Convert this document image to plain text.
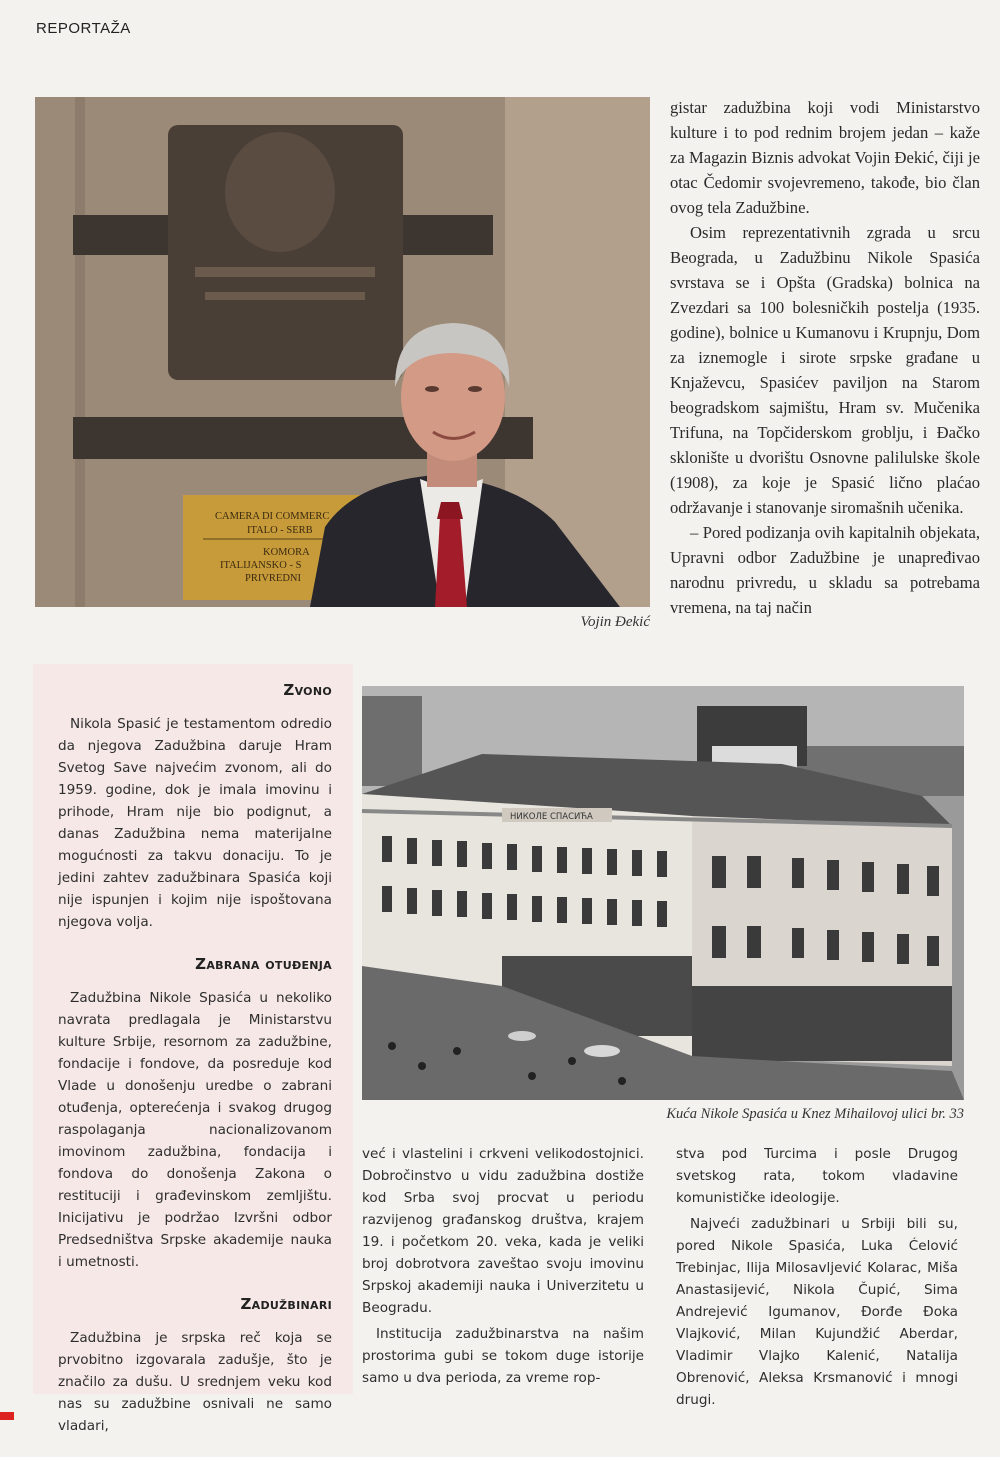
REPORTAŽA
CAMERA DI COMMERC
ITALO - SERB
KOMORA
ITALIJANSKO - S
PRIVREDNI
Vojin Đekić

gistar zadužbina koji vodi Ministarstvo kulture i to pod rednim brojem jedan – kaže za Magazin Biznis advokat Vojin Đekić, čiji je otac Čedomir svojevremeno, takođe, bio član ovog tela Zadužbine.

Osim reprezentativnih zgrada u srcu Beograda, u Zadužbinu Nikole Spasića svrstava se i Opšta (Gradska) bolnica na Zvezdari sa 100 bolesničkih postelja (1935. godine), bolnice u Kumanovu i Krupnju, Dom za iznemogle i sirote srpske građane u Knjaževcu, Spasićev paviljon na Starom beogradskom sajmištu, Hram sv. Mučenika Trifuna, na Topčiderskom groblju, i Đačko sklonište u dvorištu Osnovne palilulske škole (1908), za koje je Spasić lično plaćao održavanje i stanovanje siromašnih učenika.

– Pored podizanja ovih kapitalnih objekata, Upravni odbor Zadužbine je unapređivao narodnu privredu, u skladu sa potrebama vremena, na taj način

Zvono

Nikola Spasić je testamentom odredio da njegova Zadužbina daruje Hram Svetog Save najvećim zvonom, ali do 1959. godine, dok je imala imovinu i prihode, Hram nije bio podignut, a danas Zadužbina nema materijalne mogućnosti za takvu donaciju. To je jedini zahtev zadužbinara Spasića koji nije ispunjen i kojim nije ispoštovana njegova volja.

Zabrana otuđenja

Zadužbina Nikole Spasića u nekoliko navrata predlagala je Ministarstvu kulture Srbije, resornom za zadužbine, fondacije i fondove, da posreduje kod Vlade u donošenju uredbe o zabrani otuđenja, opterećenja i svakog drugog raspolaganja nacionalizovanom imovinom zadužbina, fondacija i fondova do donošenja Zakona o restituciji i građevinskom zemljištu. Inicijativu je podržao Izvršni odbor Predsedništva Srpske akademije nauka i umetnosti.

Zadužbinari

Zadužbina je srpska reč koja se prvobitno izgovarala zadušje, što je značilo za dušu. U srednjem veku kod nas su zadužbine osnivali ne samo vladari,

НИКОЛЕ СПАСИЋА
Kuća Nikole Spasića u Knez Mihailovoj ulici br. 33

već i vlastelini i crkveni velikodostojnici. Dobročinstvo u vidu zadužbina dostiže kod Srba svoj procvat u periodu razvijenog građanskog društva, krajem 19. i početkom 20. veka, kada je veliki broj dobrotvora zaveštao svoju imovinu Srpskoj akademiji nauka i Univerzitetu u Beogradu.

Institucija zadužbinarstva na našim prostorima gubi se tokom duge istorije samo u dva perioda, za vreme rop-

stva pod Turcima i posle Drugog svetskog rata, tokom vladavine komunističke ideologije.

Najveći zadužbinari u Srbiji bili su, pored Nikole Spasića, Luka Ćelović Trebinjac, Ilija Milosavljević Kolarac, Miša Anastasijević, Nikola Čupić, Sima Andrejević Igumanov, Đorđe Đoka Vlajković, Milan Kujundžić Aberdar, Vladimir Vlajko Kalenić, Natalija Obrenović, Aleksa Krsmanović i mnogi drugi.
